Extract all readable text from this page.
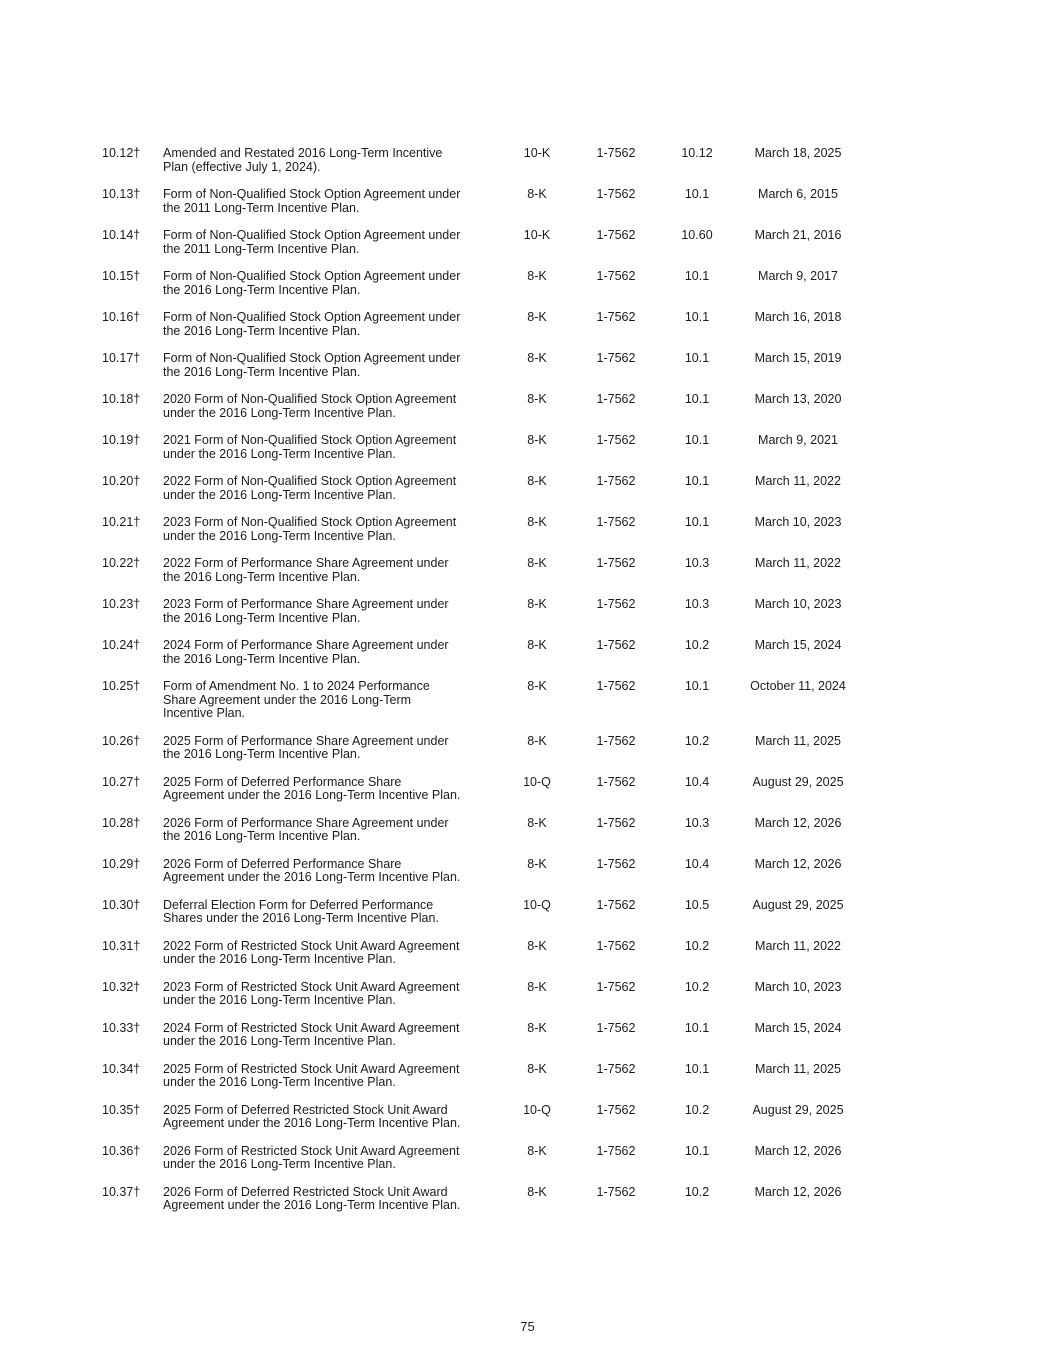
10.12†	Amended and Restated 2016 Long-Term Incentive
Plan (effective July 1, 2024).
10-K	1-7562	10.12	March 18, 2025
10.13†	Form of Non-Qualified Stock Option Agreement under
the 2011 Long-Term Incentive Plan.
8-K	1-7562	10.1	March 6, 2015
10.14†	Form of Non-Qualified Stock Option Agreement under
the 2011 Long-Term Incentive Plan.
10-K	1-7562	10.60	March 21, 2016
10.15†	Form of Non-Qualified Stock Option Agreement under
the 2016 Long-Term Incentive Plan.
8-K	1-7562	10.1	March 9, 2017
10.16†	Form of Non-Qualified Stock Option Agreement under
the 2016 Long-Term Incentive Plan.
8-K	1-7562	10.1	March 16, 2018
10.17†	Form of Non-Qualified Stock Option Agreement under
the 2016 Long-Term Incentive Plan.
8-K	1-7562	10.1	March 15, 2019
10.18†	2020 Form of Non-Qualified Stock Option Agreement
under the 2016 Long-Term Incentive Plan.
8-K	1-7562	10.1	March 13, 2020
10.19†	2021 Form of Non-Qualified Stock Option Agreement
under the 2016 Long-Term Incentive Plan.
8-K	1-7562	10.1	March 9, 2021
10.20†	2022 Form of Non-Qualified Stock Option Agreement
under the 2016 Long-Term Incentive Plan.
8-K	1-7562	10.1	March 11, 2022
10.21†	2023 Form of Non-Qualified Stock Option Agreement
under the 2016 Long-Term Incentive Plan.
8-K	1-7562	10.1	March 10, 2023
10.22†	2022 Form of Performance Share Agreement under
the 2016 Long-Term Incentive Plan.
8-K	1-7562	10.3	March 11, 2022
10.23†	2023 Form of Performance Share Agreement under
the 2016 Long-Term Incentive Plan.
8-K	1-7562	10.3	March 10, 2023
10.24†	2024 Form of Performance Share Agreement under
the 2016 Long-Term Incentive Plan.
8-K	1-7562	10.2	March 15, 2024
10.25†	Form of Amendment No. 1 to 2024 Performance
Share Agreement under the 2016 Long-Term
Incentive Plan.
8-K	1-7562	10.1	October 11, 2024
10.26†	2025 Form of Performance Share Agreement under
the 2016 Long-Term Incentive Plan.
8-K	1-7562	10.2	March 11, 2025
10.27†	2025 Form of Deferred Performance Share
Agreement under the 2016 Long-Term Incentive Plan.
10-Q	1-7562	10.4	August 29, 2025
10.28†	2026 Form of Performance Share Agreement under
the 2016 Long-Term Incentive Plan.
8-K	1-7562	10.3	March 12, 2026
10.29†	2026 Form of Deferred Performance Share
Agreement under the 2016 Long-Term Incentive Plan.
8-K	1-7562	10.4	March 12, 2026
10.30†	Deferral Election Form for Deferred Performance
Shares under the 2016 Long-Term Incentive Plan.
10-Q	1-7562	10.5	August 29, 2025
10.31†	2022 Form of Restricted Stock Unit Award Agreement
under the 2016 Long-Term Incentive Plan.
8-K	1-7562	10.2	March 11, 2022
10.32†	2023 Form of Restricted Stock Unit Award Agreement
under the 2016 Long-Term Incentive Plan.
8-K	1-7562	10.2	March 10, 2023
10.33†	2024 Form of Restricted Stock Unit Award Agreement
under the 2016 Long-Term Incentive Plan.
8-K	1-7562	10.1	March 15, 2024
10.34†	2025 Form of Restricted Stock Unit Award Agreement
under the 2016 Long-Term Incentive Plan.
8-K	1-7562	10.1	March 11, 2025
10.35†	2025 Form of Deferred Restricted Stock Unit Award
Agreement under the 2016 Long-Term Incentive Plan.
10-Q	1-7562	10.2	August 29, 2025
10.36†	2026 Form of Restricted Stock Unit Award Agreement
under the 2016 Long-Term Incentive Plan.
8-K	1-7562	10.1	March 12, 2026
10.37†	2026 Form of Deferred Restricted Stock Unit Award
Agreement under the 2016 Long-Term Incentive Plan.
8-K	1-7562	10.2	March 12, 2026
75
